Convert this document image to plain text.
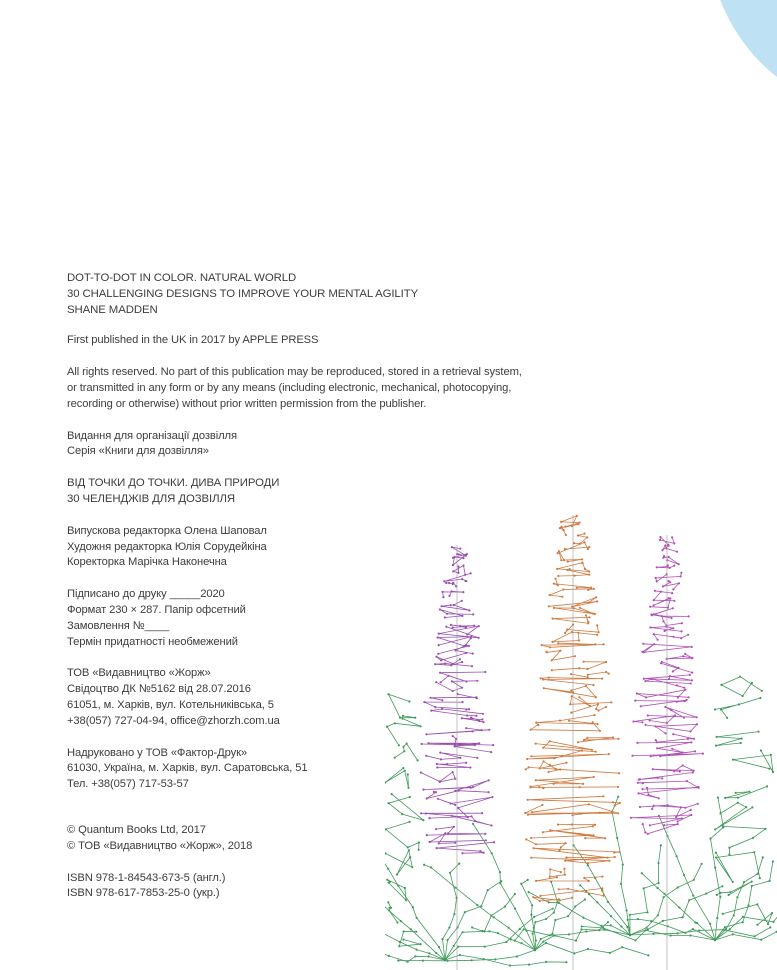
DOT-TO-DOT IN COLOR. NATURAL WORLD
30 CHALLENGING DESIGNS TO IMPROVE YOUR MENTAL AGILITY
SHANE MADDEN
First published in the UK in 2017 by APPLE PRESS
All rights reserved. No part of this publication may be reproduced, stored in a retrieval system,
or transmitted in any form or by any means (including electronic, mechanical, photocopying,
recording or otherwise) without prior written permission from the publisher.
Видання для організації дозвілля
Серія «Книги для дозвілля»
ВІД ТОЧКИ ДО ТОЧКИ. ДИВА ПРИРОДИ
30 ЧЕЛЕНДЖІВ ДЛЯ ДОЗВІЛЛЯ
Випускова редакторка Олена Шаповал
Художня редакторка Юлія Сорудейкіна
Коректорка Марічка Наконечна
Підписано до друку _____2020
Формат 230 × 287. Папір офсетний
Замовлення №____
Термін придатності необмежений
ТОВ «Видавництво «Жорж»
Свідоцтво ДК №5162 від 28.07.2016
61051, м. Харків, вул. Котельниківська, 5
+38(057) 727-04-94, office@zhorzh.com.ua
Надруковано у ТОВ «Фактор-Друк»
61030, Україна, м. Харків, вул. Саратовська, 51
Тел. +38(057) 717-53-57
© Quantum Books Ltd, 2017
© ТОВ «Видавництво «Жорж», 2018
ISBN 978-1-84543-673-5 (англ.)
ISBN 978-617-7853-25-0 (укр.)
